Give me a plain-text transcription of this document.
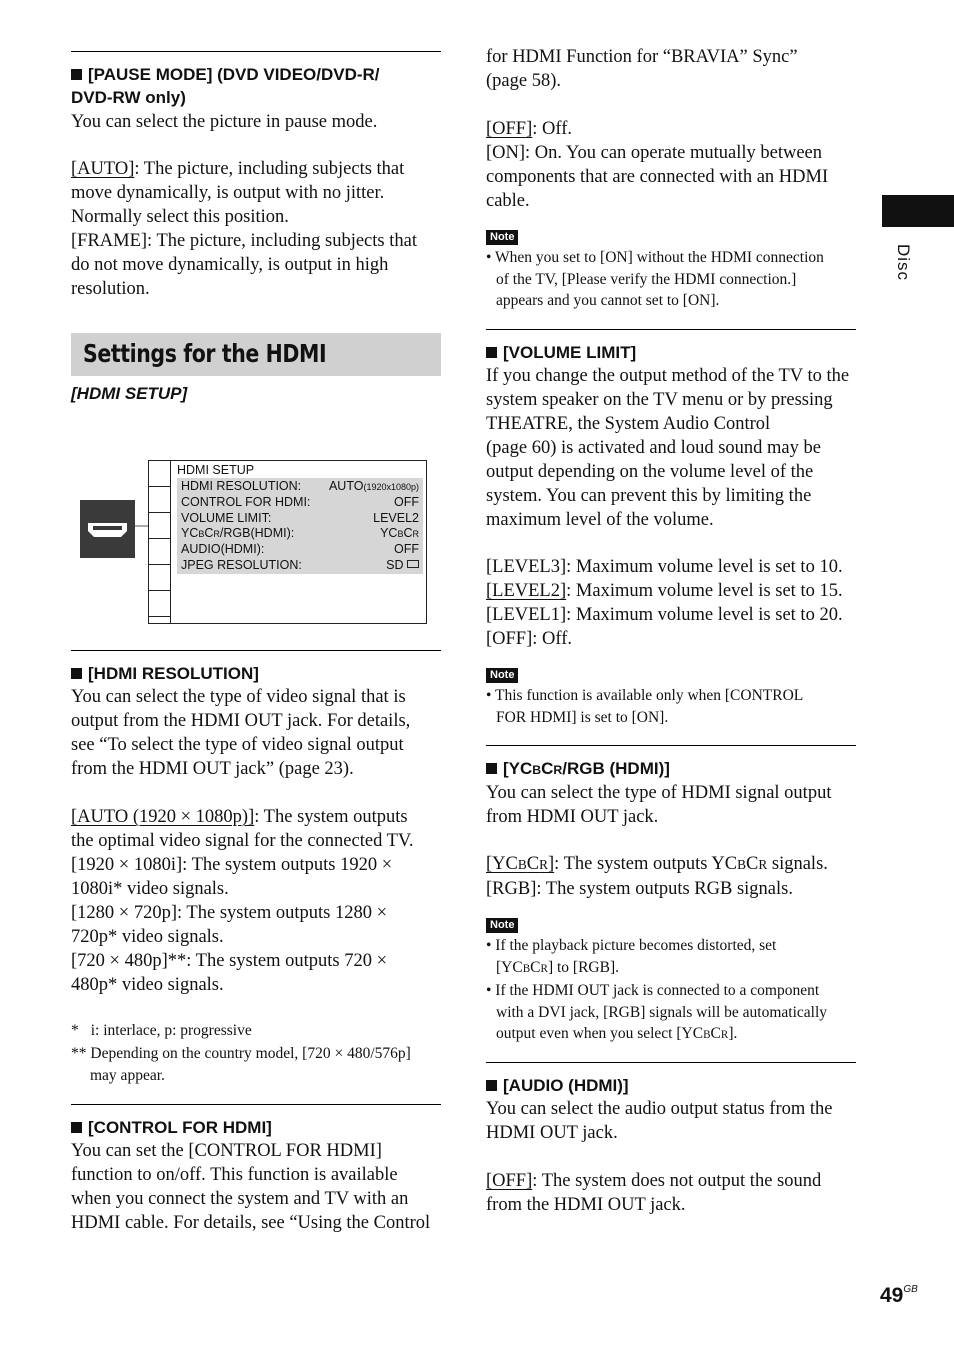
[PAUSE MODE] (DVD VIDEO/DVD-R/
DVD-RW only)
You can select the picture in pause mode.
[AUTO]: The picture, including subjects that
move dynamically, is output with no jitter.
Normally select this position.
[FRAME]: The picture, including subjects that
do not move dynamically, is output in high
resolution.
Settings for the HDMI
[HDMI SETUP]
HDMI SETUP
HDMI RESOLUTION: AUTO(1920x1080p)
CONTROL FOR HDMI:	OFF
VOLUME LIMIT:	LEVEL2
YCBCR/RGB(HDMI):	YCBCR
AUDIO(HDMI):	OFF
JPEG RESOLUTION:	SD
[HDMI RESOLUTION]
You can select the type of video signal that is
output from the HDMI OUT jack. For details,
see “To select the type of video signal output
from the HDMI OUT jack” (page 23).
[AUTO (1920 × 1080p)]: The system outputs
the optimal video signal for the connected TV.
[1920 × 1080i]: The system outputs 1920 ×
1080i* video signals.
[1280 × 720p]: The system outputs 1280 ×
720p* video signals.
[720 × 480p]**: The system outputs 720 ×
480p* video signals.
* i: interlace, p: progressive
** Depending on the country model, [720 × 480/576p]
may appear.
[CONTROL FOR HDMI]
You can set the [CONTROL FOR HDMI]
function to on/off. This function is available
when you connect the system and TV with an
HDMI cable. For details, see “Using the Control
for HDMI Function for “BRAVIA” Sync”
(page 58).
[OFF]: Off.
[ON]: On. You can operate mutually between
components that are connected with an HDMI
cable.
Note
• When you set to [ON] without the HDMI connection
of the TV, [Please verify the HDMI connection.]
appears and you cannot set to [ON].
[VOLUME LIMIT]
If you change the output method of the TV to the
system speaker on the TV menu or by pressing
THEATRE, the System Audio Control
(page 60) is activated and loud sound may be
output depending on the volume level of the
system. You can prevent this by limiting the
maximum level of the volume.
[LEVEL3]: Maximum volume level is set to 10.
[LEVEL2]: Maximum volume level is set to 15.
[LEVEL1]: Maximum volume level is set to 20.
[OFF]: Off.
Note
• This function is available only when [CONTROL
FOR HDMI] is set to [ON].
[YCBCR/RGB (HDMI)]
You can select the type of HDMI signal output
from HDMI OUT jack.
[YCBCR]: The system outputs YCBCR signals.
[RGB]: The system outputs RGB signals.
Note
• If the playback picture becomes distorted, set
[YCBCR] to [RGB].
• If the HDMI OUT jack is connected to a component
with a DVI jack, [RGB] signals will be automatically
output even when you select [YCBCR].
[AUDIO (HDMI)]
You can select the audio output status from the
HDMI OUT jack.
[OFF]: The system does not output the sound
from the HDMI OUT jack.
Disc
$49^{GB}$
